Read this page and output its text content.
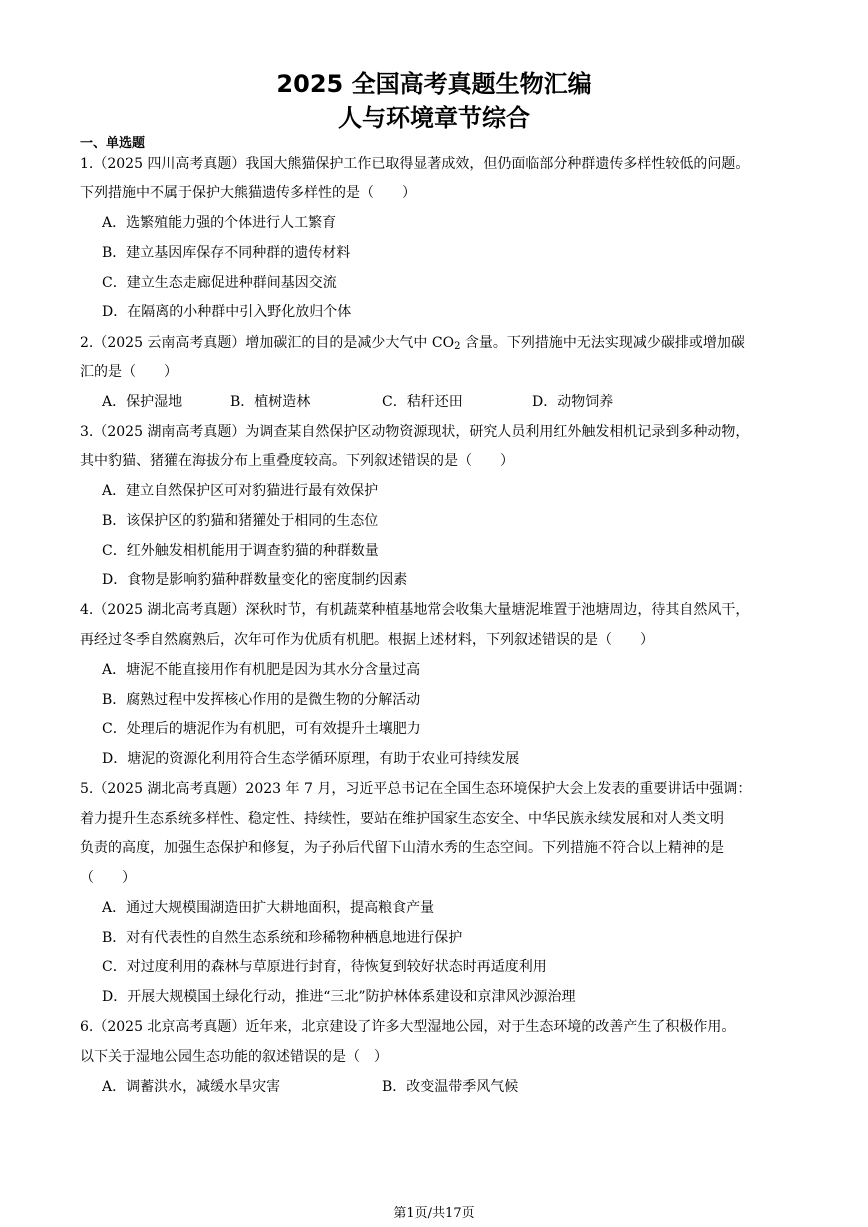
2025 全国高考真题生物汇编
人与环境章节综合
一、单选题
1.（2025 四川高考真题）我国大熊猫保护工作已取得显著成效，但仍面临部分种群遗传多样性较低的问题。
下列措施中不属于保护大熊猫遗传多样性的是（　　）
A．选繁殖能力强的个体进行人工繁育
B．建立基因库保存不同种群的遗传材料
C．建立生态走廊促进种群间基因交流
D．在隔离的小种群中引入野化放归个体
2.（2025 云南高考真题）增加碳汇的目的是减少大气中 $CO_2$ 含量。下列措施中无法实现减少碳排或增加碳
汇的是（　　）
A．保护湿地	B．植树造林	C．秸秆还田	D．动物饲养
3.（2025 湖南高考真题）为调查某自然保护区动物资源现状，研究人员利用红外触发相机记录到多种动物，
其中豹猫、猪獾在海拔分布上重叠度较高。下列叙述错误的是（　　）
A．建立自然保护区可对豹猫进行最有效保护
B．该保护区的豹猫和猪獾处于相同的生态位
C．红外触发相机能用于调查豹猫的种群数量
D．食物是影响豹猫种群数量变化的密度制约因素
4.（2025 湖北高考真题）深秋时节，有机蔬菜种植基地常会收集大量塘泥堆置于池塘周边，待其自然风干，
再经过冬季自然腐熟后，次年可作为优质有机肥。根据上述材料，下列叙述错误的是（　　）
A．塘泥不能直接用作有机肥是因为其水分含量过高
B．腐熟过程中发挥核心作用的是微生物的分解活动
C．处理后的塘泥作为有机肥，可有效提升土壤肥力
D．塘泥的资源化利用符合生态学循环原理，有助于农业可持续发展
5.（2025 湖北高考真题）2023 年 7 月，习近平总书记在全国生态环境保护大会上发表的重要讲话中强调：
着力提升生态系统多样性、稳定性、持续性，要站在维护国家生态安全、中华民族永续发展和对人类文明
负责的高度，加强生态保护和修复，为子孙后代留下山清水秀的生态空间。下列措施不符合以上精神的是
（　　）
A．通过大规模围湖造田扩大耕地面积，提高粮食产量
B．对有代表性的自然生态系统和珍稀物种栖息地进行保护
C．对过度利用的森林与草原进行封育，待恢复到较好状态时再适度利用
D．开展大规模国土绿化行动，推进“三北”防护林体系建设和京津风沙源治理
6.（2025 北京高考真题）近年来，北京建设了许多大型湿地公园，对于生态环境的改善产生了积极作用。
以下关于湿地公园生态功能的叙述错误的是（　）
A．调蓄洪水，减缓水旱灾害	B．改变温带季风气候
第1页/共17页
